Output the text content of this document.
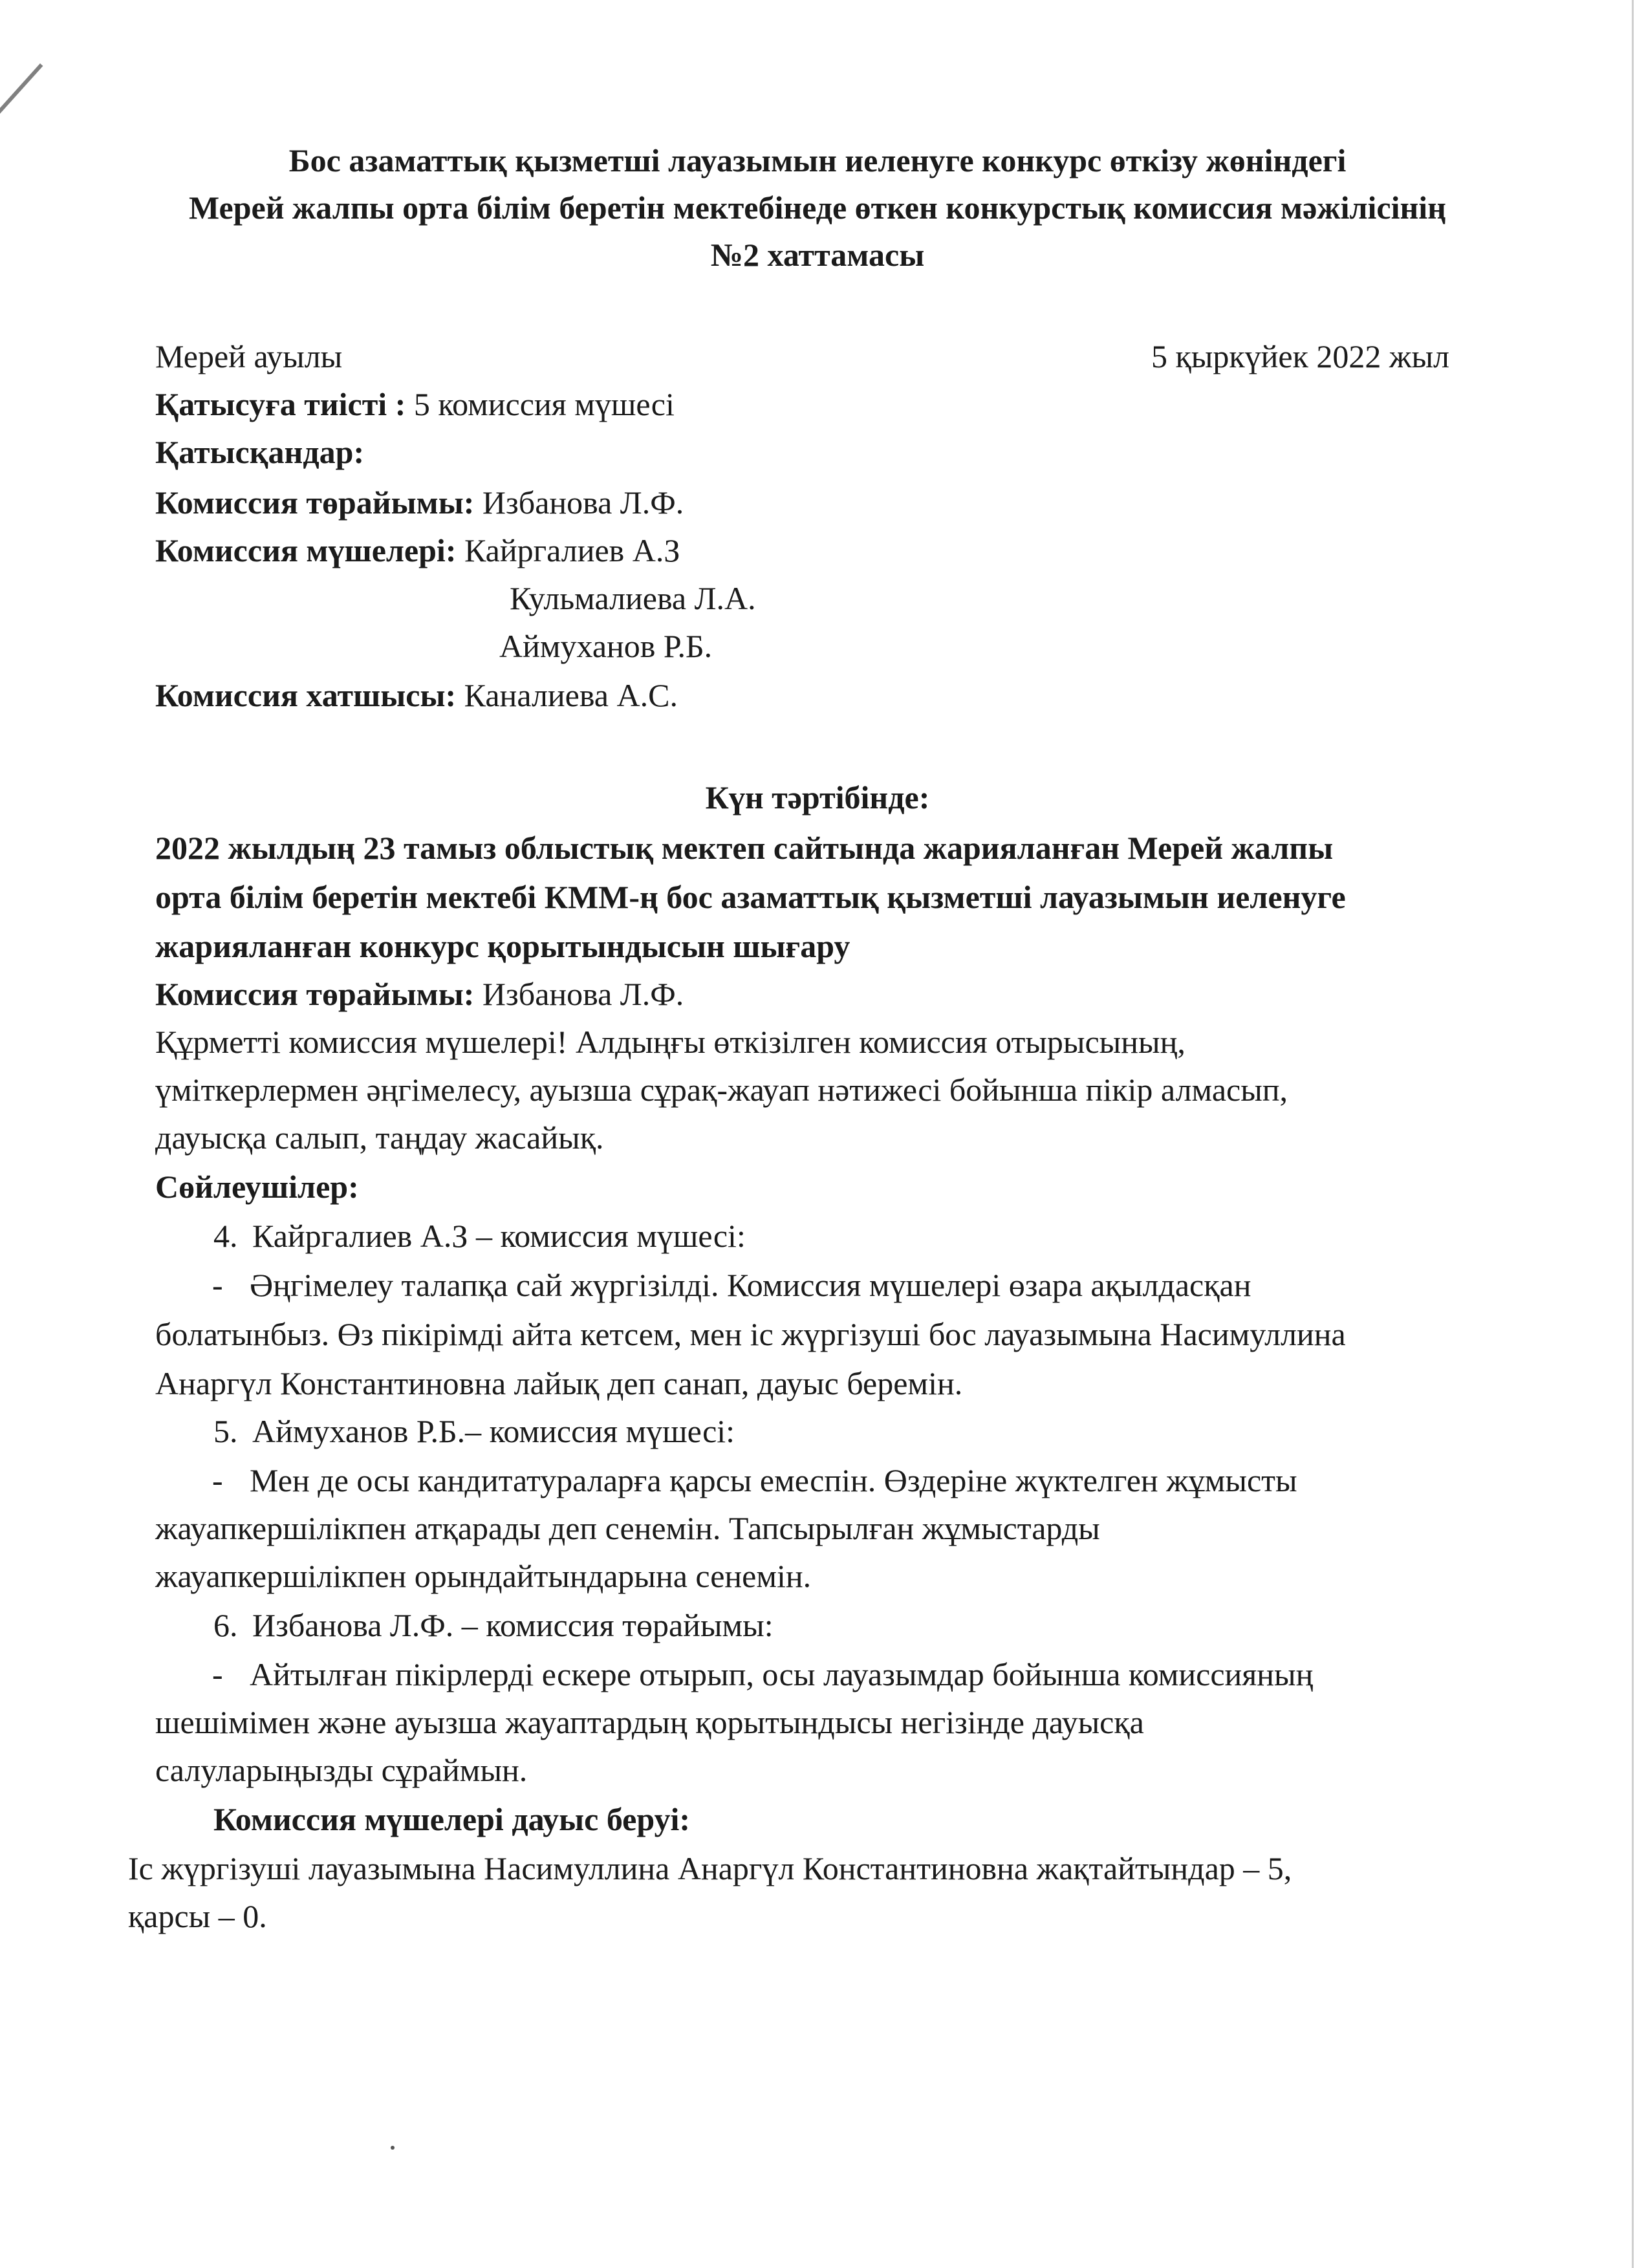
Бос азаматтық қызметші лауазымын иеленуге конкурс өткізу жөніндегі
Мерей жалпы орта білім беретін мектебінеде өткен конкурстық комиссия мәжілісінің
№2 хаттамасы
Мерей ауылы	5 қыркүйек 2022 жыл
Қатысуға тиісті : 5 комиссия мүшесі
Қатысқандар:
Комиссия төрайымы: Избанова Л.Ф.
Комиссия мүшелері: Кайргалиев А.З
Кульмалиева Л.А.
Аймуханов Р.Б.
Комиссия хатшысы: Каналиева А.С.
Күн тәртібінде:
2022 жылдың 23 тамыз облыстық мектеп сайтында жарияланған Мерей жалпы
орта білім беретін мектебі КММ-ң бос азаматтық қызметші лауазымын иеленуге
жарияланған конкурс қорытындысын шығару
Комиссия төрайымы: Избанова Л.Ф.
Құрметті комиссия мүшелері! Алдыңғы өткізілген комиссия отырысының,
үміткерлермен әңгімелесу, ауызша сұрақ-жауап нәтижесі бойынша пікір алмасып,
дауысқа салып, таңдау жасайық.
Сөйлеушілер:
4. Кайргалиев А.З – комиссия мүшесі:
- Әңгімелеу талапқа сай жүргізілді. Комиссия мүшелері өзара ақылдасқан
болатынбыз. Өз пікірімді айта кетсем, мен іс жүргізуші бос лауазымына Насимуллина
Анаргүл Константиновна лайық деп санап, дауыс беремін.
5. Аймуханов Р.Б.– комиссия мүшесі:
- Мен де осы кандитатураларға қарсы емеспін. Өздеріне жүктелген жұмысты
жауапкершілікпен атқарады деп сенемін. Тапсырылған жұмыстарды
жауапкершілікпен орындайтындарына сенемін.
6. Избанова Л.Ф. – комиссия төрайымы:
- Айтылған пікірлерді ескере отырып, осы лауазымдар бойынша комиссияның
шешімімен және ауызша жауаптардың қорытындысы негізінде дауысқа
салуларыңызды сұраймын.
Комиссия мүшелері дауыс беруі:
Іс жүргізуші лауазымына Насимуллина Анаргүл Константиновна жақтайтындар – 5,
қарсы – 0.
